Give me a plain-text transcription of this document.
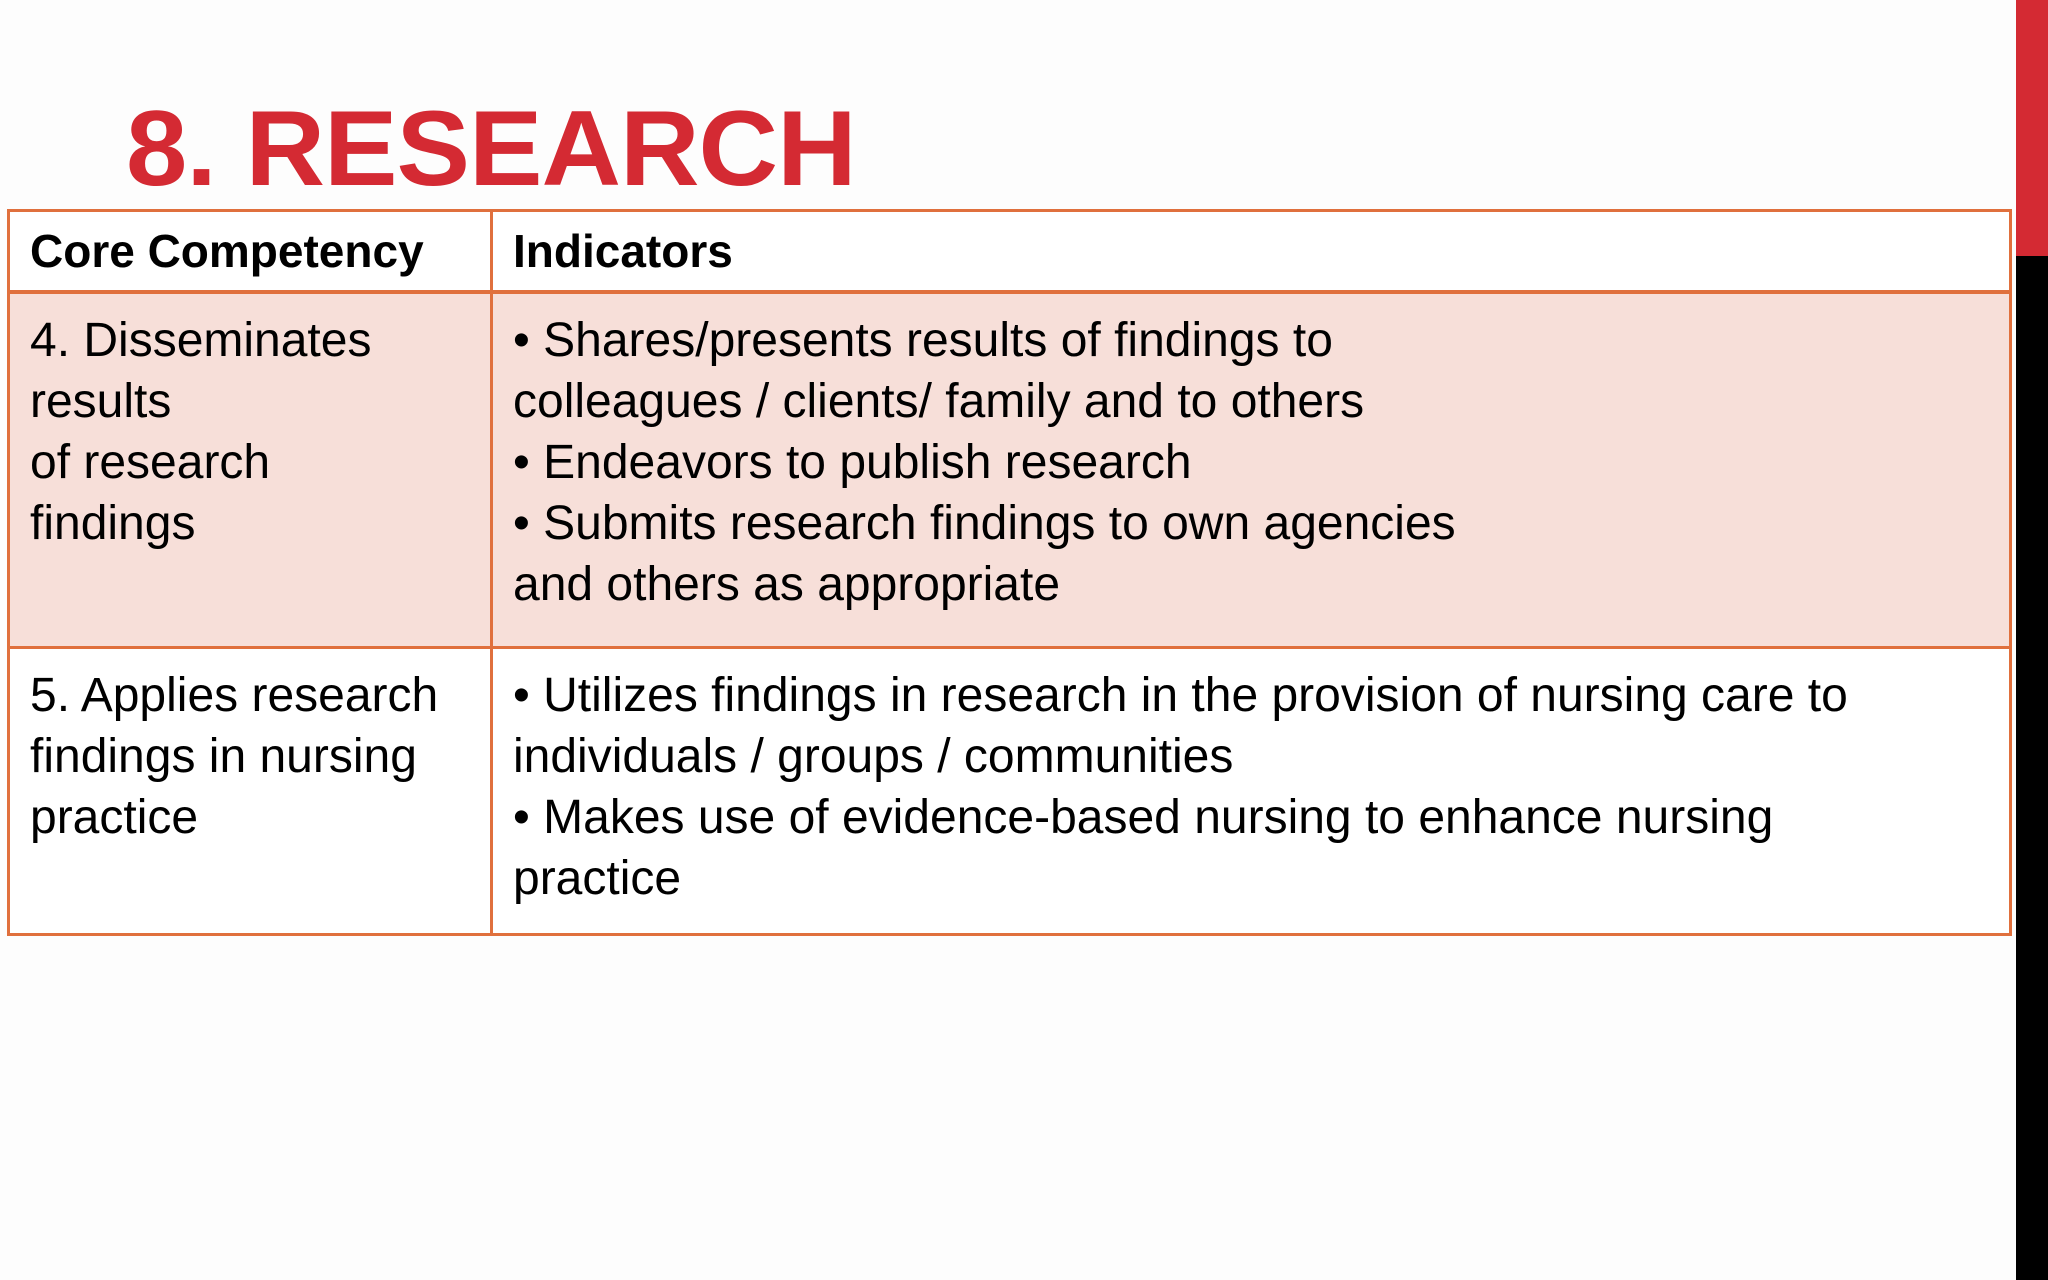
8. RESEARCH
Core Competency	Indicators

4. Disseminates
results
of research
findings	• Shares/presents results of findings to
colleagues / clients/ family and to others
• Endeavors to publish research
• Submits research findings to own agencies
and others as appropriate

5. Applies research
findings in nursing
practice	• Utilizes findings in research in the provision of nursing care to
individuals / groups / communities
• Makes use of evidence-based nursing to enhance nursing
practice
